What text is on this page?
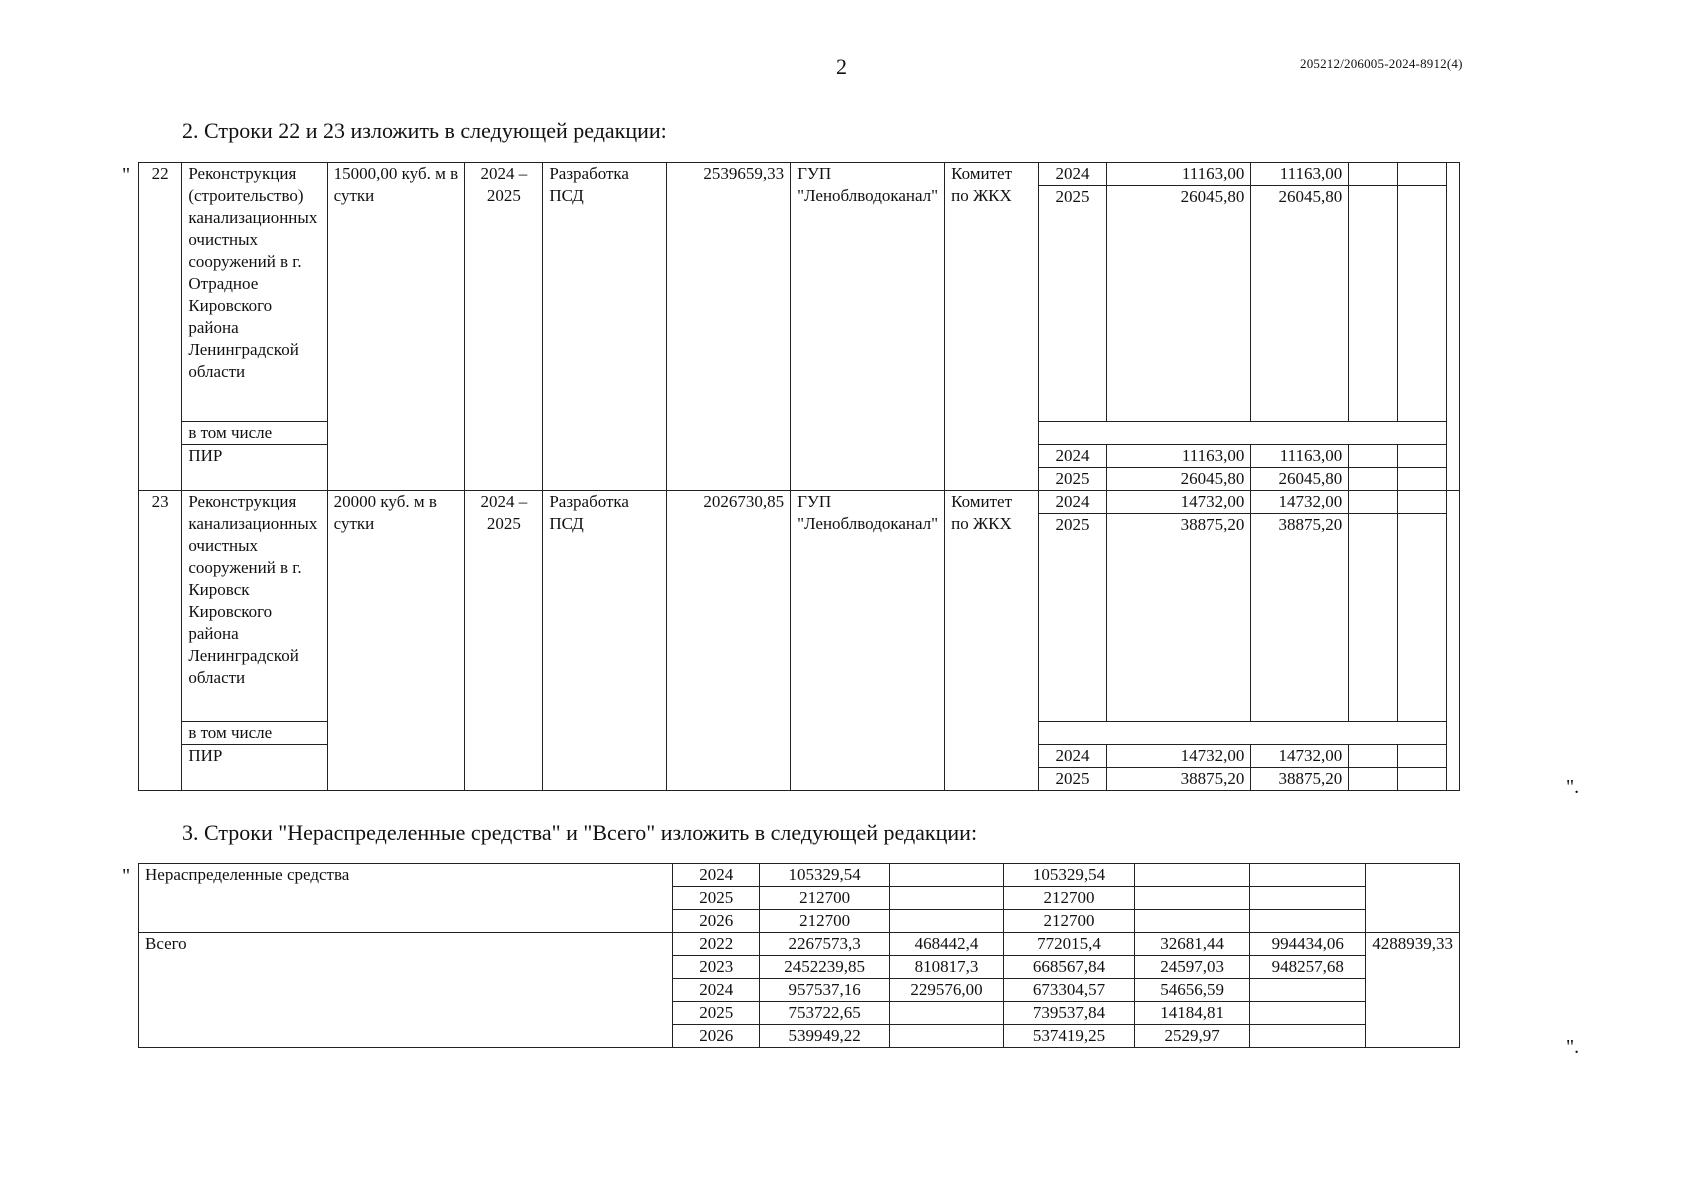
2	205212/206005-2024-8912(4)
2. Строки 22 и 23 изложить в следующей редакции:
" 22	Реконструкция (строительство) канализационных очистных сооружений в г. Отрадное Кировского района Ленинградской области	15000,00 куб. м в сутки	2024 – 2025	Разработка ПСД	2539659,33	ГУП "Леноблводоканал"	Комитет по ЖКХ	2024	11163,00	11163,00			
								2025	26045,80	26045,80			
	в том числе												
	ПИР							2024	11163,00	11163,00			
								2025	26045,80	26045,80			
23	Реконструкция канализационных очистных сооружений в г. Кировск Кировского района Ленинградской области	20000 куб. м в сутки	2024 – 2025	Разработка ПСД	2026730,85	ГУП "Леноблводоканал"	Комитет по ЖКХ	2024	14732,00	14732,00			
								2025	38875,20	38875,20			
	в том числе												
	ПИР							2024	14732,00	14732,00			
								2025	38875,20	38875,20				".
3. Строки "Нераспределенные средства" и "Всего" изложить в следующей редакции:
" Нераспределенные средства	2024	105329,54		105329,54			
	2025	212700		212700			
	2026	212700		212700			
Всего	2022	2267573,3	468442,4	772015,4	32681,44	994434,06	4288939,33
	2023	2452239,85	810817,3	668567,84	24597,03	948257,68	
	2024	957537,16	229576,00	673304,57	54656,59		
	2025	753722,65		739537,84	14184,81		
	2026	539949,22		537419,25	2529,97		
".
